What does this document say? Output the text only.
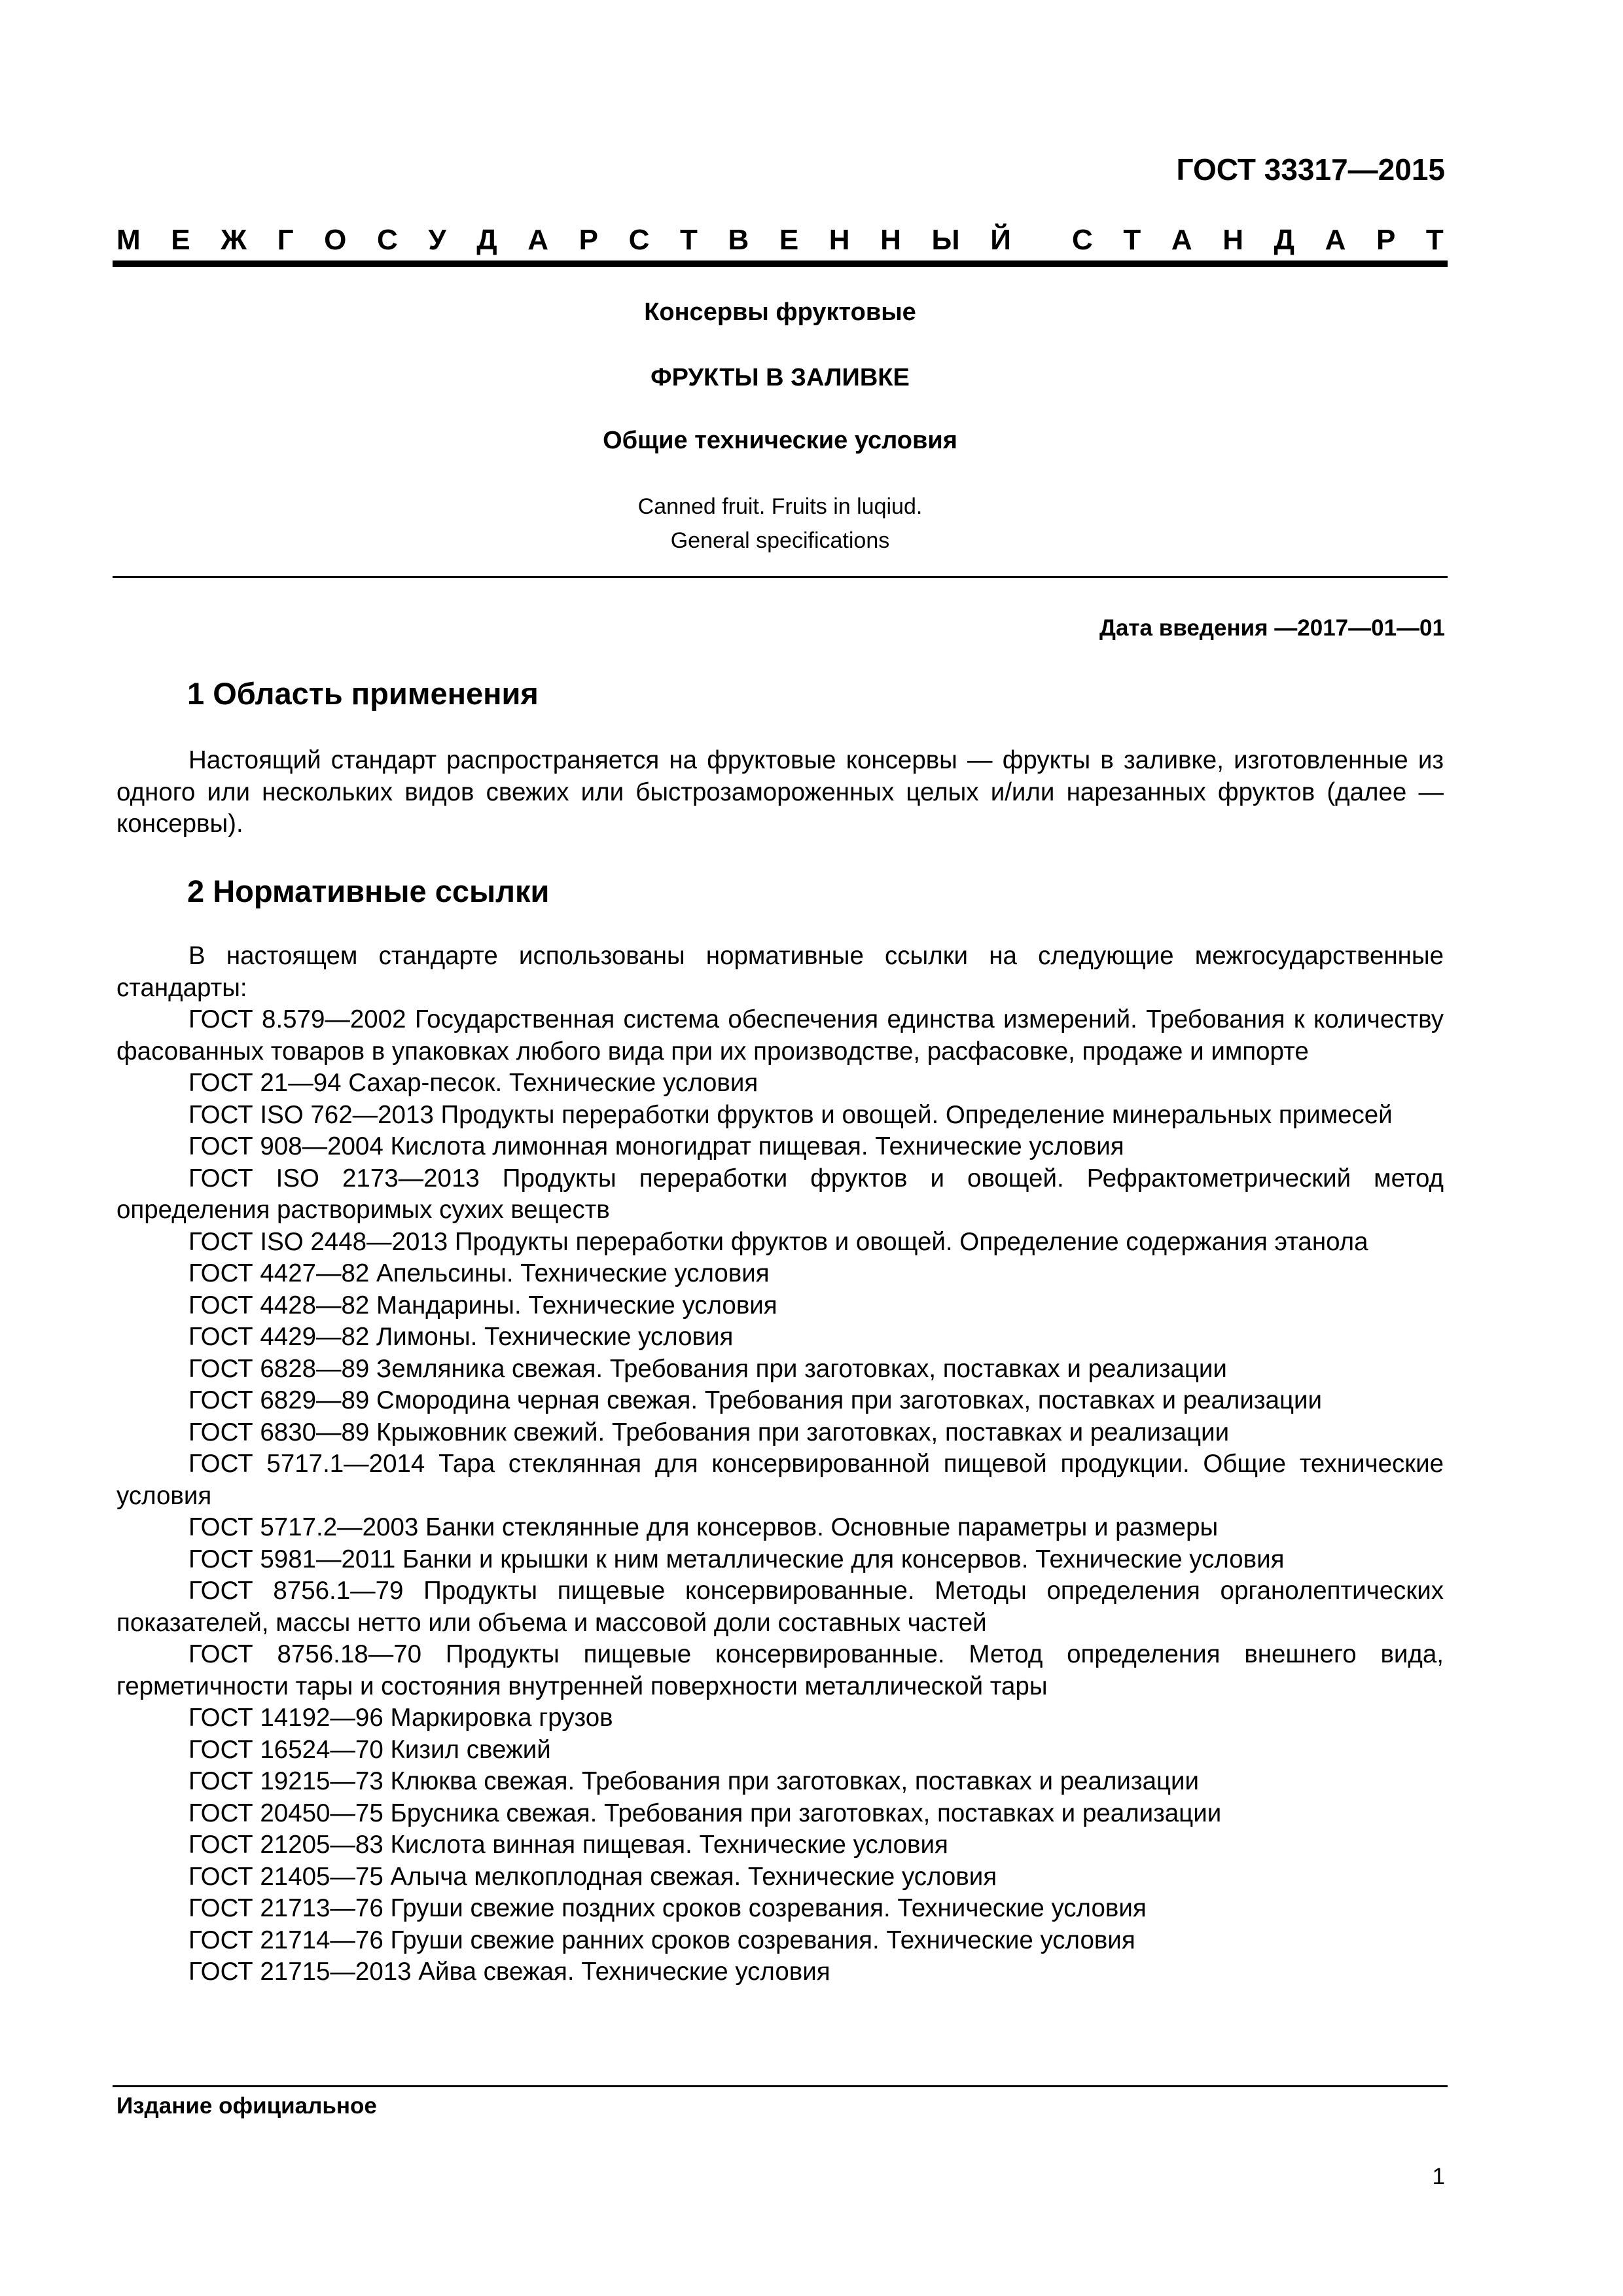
ГОСТ 33317—2015
М Е Ж Г О С У Д А Р С Т В Е Н Н Ы Й С Т А Н Д А Р Т
Консервы фруктовые
ФРУКТЫ В ЗАЛИВКЕ
Общие технические условия
Canned fruit. Fruits in luqiud.
General specifications
Дата введения —2017—01—01
1 Область применения

Настоящий стандарт распространяется на фруктовые консервы — фрукты в заливке, изготовленные из одного или нескольких видов свежих или быстрозамороженных целых и/или нарезанных фруктов (далее — консервы).

2 Нормативные ссылки

В настоящем стандарте использованы нормативные ссылки на следующие межгосударственные стандарты:

ГОСТ 8.579—2002 Государственная система обеспечения единства измерений. Требования к количеству фасованных товаров в упаковках любого вида при их производстве, расфасовке, продаже и импорте

ГОСТ 21—94 Сахар-песок. Технические условия

ГОСТ ISO 762—2013 Продукты переработки фруктов и овощей. Определение минеральных примесей

ГОСТ 908—2004 Кислота лимонная моногидрат пищевая. Технические условия

ГОСТ ISO 2173—2013 Продукты переработки фруктов и овощей. Рефрактометрический метод определения растворимых сухих веществ

ГОСТ ISO 2448—2013 Продукты переработки фруктов и овощей. Определение содержания этанола

ГОСТ 4427—82 Апельсины. Технические условия

ГОСТ 4428—82 Мандарины. Технические условия

ГОСТ 4429—82 Лимоны. Технические условия

ГОСТ 6828—89 Земляника свежая. Требования при заготовках, поставках и реализации

ГОСТ 6829—89 Смородина черная свежая. Требования при заготовках, поставках и реализации

ГОСТ 6830—89 Крыжовник свежий. Требования при заготовках, поставках и реализации

ГОСТ 5717.1—2014 Тара стеклянная для консервированной пищевой продукции. Общие технические условия

ГОСТ 5717.2—2003 Банки стеклянные для консервов. Основные параметры и размеры

ГОСТ 5981—2011 Банки и крышки к ним металлические для консервов. Технические условия

ГОСТ 8756.1—79 Продукты пищевые консервированные. Методы определения органолептических показателей, массы нетто или объема и массовой доли составных частей

ГОСТ 8756.18—70 Продукты пищевые консервированные. Метод определения внешнего вида, герметичности тары и состояния внутренней поверхности металлической тары

ГОСТ 14192—96 Маркировка грузов

ГОСТ 16524—70 Кизил свежий

ГОСТ 19215—73 Клюква свежая. Требования при заготовках, поставках и реализации

ГОСТ 20450—75 Брусника свежая. Требования при заготовках, поставках и реализации

ГОСТ 21205—83 Кислота винная пищевая. Технические условия

ГОСТ 21405—75 Алыча мелкоплодная свежая. Технические условия

ГОСТ 21713—76 Груши свежие поздних сроков созревания. Технические условия

ГОСТ 21714—76 Груши свежие ранних сроков созревания. Технические условия

ГОСТ 21715—2013 Айва свежая. Технические условия

Издание официальное
1
